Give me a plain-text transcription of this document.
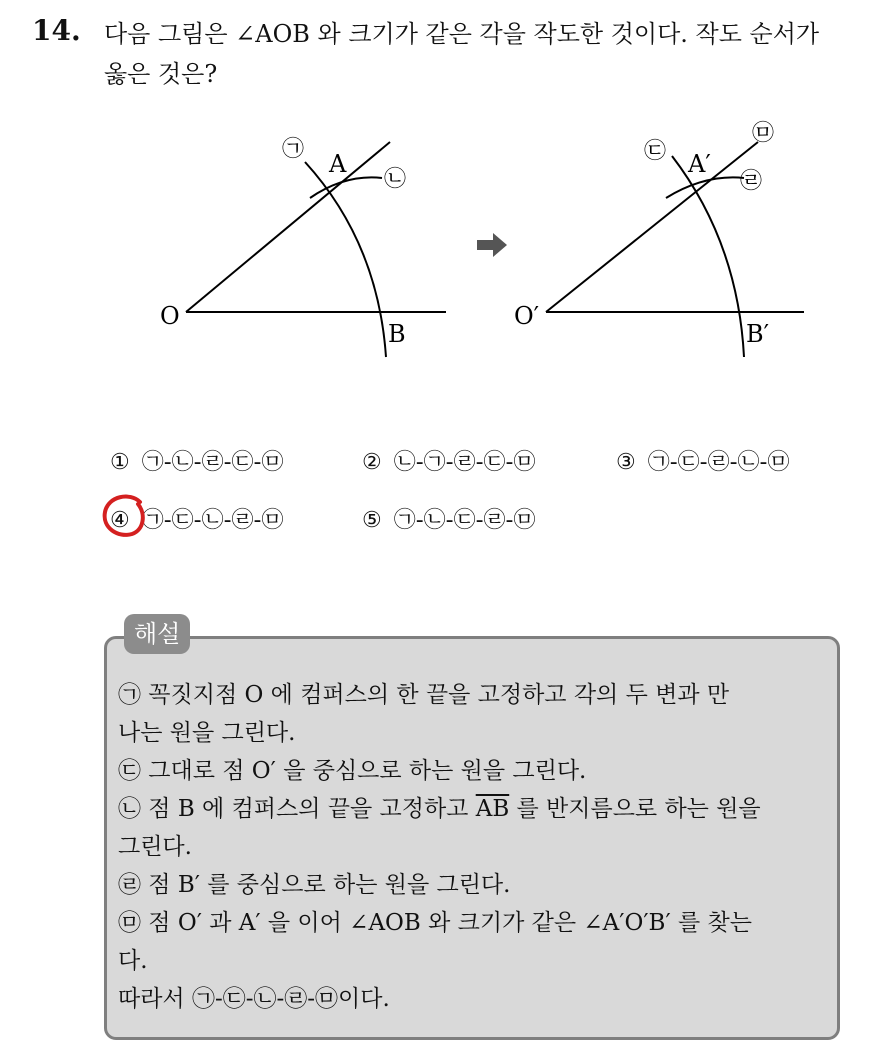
14. 다음 그림은 ∠AOB 와 크기가 같은 각을 작도한 것이다. 작도 순서가
옳은 것은?
O
A
B
㉠
㉡
O′
A′
B′
㉢
㉣
㉤
① ㉠-㉡-㉣-㉢-㉤	② ㉡-㉠-㉣-㉢-㉤	③ ㉠-㉢-㉣-㉡-㉤
④ ㉠-㉢-㉡-㉣-㉤	⑤ ㉠-㉡-㉢-㉣-㉤
해설
㉠ 꼭짓지점 O 에 컴퍼스의 한 끝을 고정하고 각의 두 변과 만
나는 원을 그린다.
㉢ 그대로 점 O′ 을 중심으로 하는 원을 그린다.
㉡ 점 B 에 컴퍼스의 끝을 고정하고 $\overline{AB}$ 를 반지름으로 하는 원을
그린다.
㉣ 점 B′ 를 중심으로 하는 원을 그린다.
㉤ 점 O′ 과 A′ 을 이어 ∠AOB 와 크기가 같은 ∠A′O′B′ 를 찾는
다.
따라서 ㉠-㉢-㉡-㉣-㉤이다.
